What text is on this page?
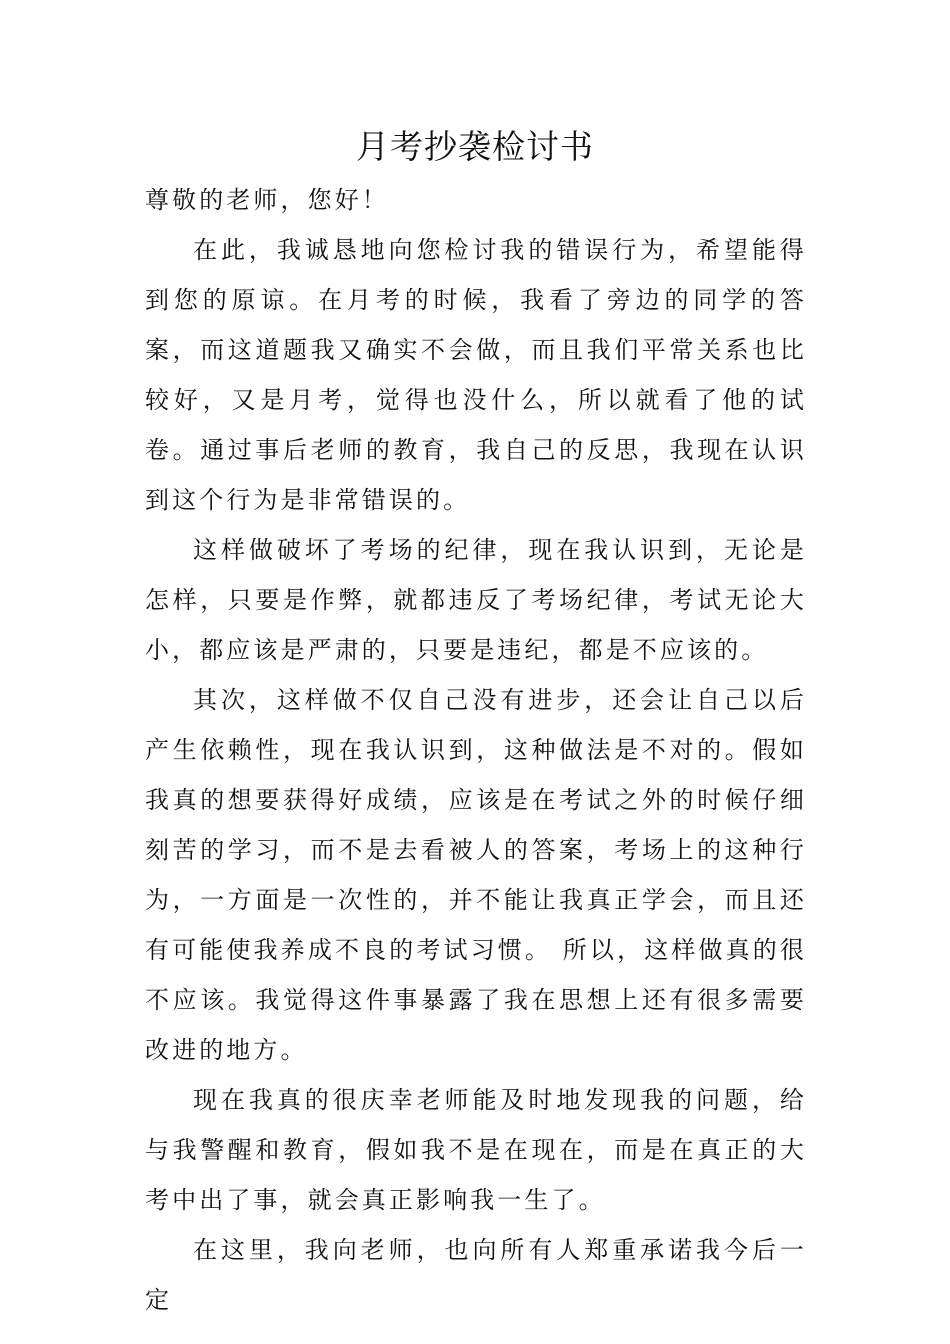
月考抄袭检讨书

尊敬的老师，您好！

在此，我诚恳地向您检讨我的错误行为，希望能得到您的原谅。在月考的时候，我看了旁边的同学的答案，而这道题我又确实不会做，而且我们平常关系也比较好，又是月考，觉得也没什么，所以就看了他的试卷。通过事后老师的教育，我自己的反思，我现在认识到这个行为是非常错误的。

这样做破坏了考场的纪律，现在我认识到，无论是怎样，只要是作弊，就都违反了考场纪律，考试无论大小，都应该是严肃的，只要是违纪，都是不应该的。

其次，这样做不仅自己没有进步，还会让自己以后产生依赖性，现在我认识到，这种做法是不对的。假如我真的想要获得好成绩，应该是在考试之外的时候仔细刻苦的学习，而不是去看被人的答案，考场上的这种行为，一方面是一次性的，并不能让我真正学会，而且还有可能使我养成不良的考试习惯。 所以，这样做真的很不应该。我觉得这件事暴露了我在思想上还有很多需要改进的地方。

现在我真的很庆幸老师能及时地发现我的问题，给与我警醒和教育，假如我不是在现在，而是在真正的大考中出了事，就会真正影响我一生了。

在这里，我向老师，也向所有人郑重承诺我今后一定
